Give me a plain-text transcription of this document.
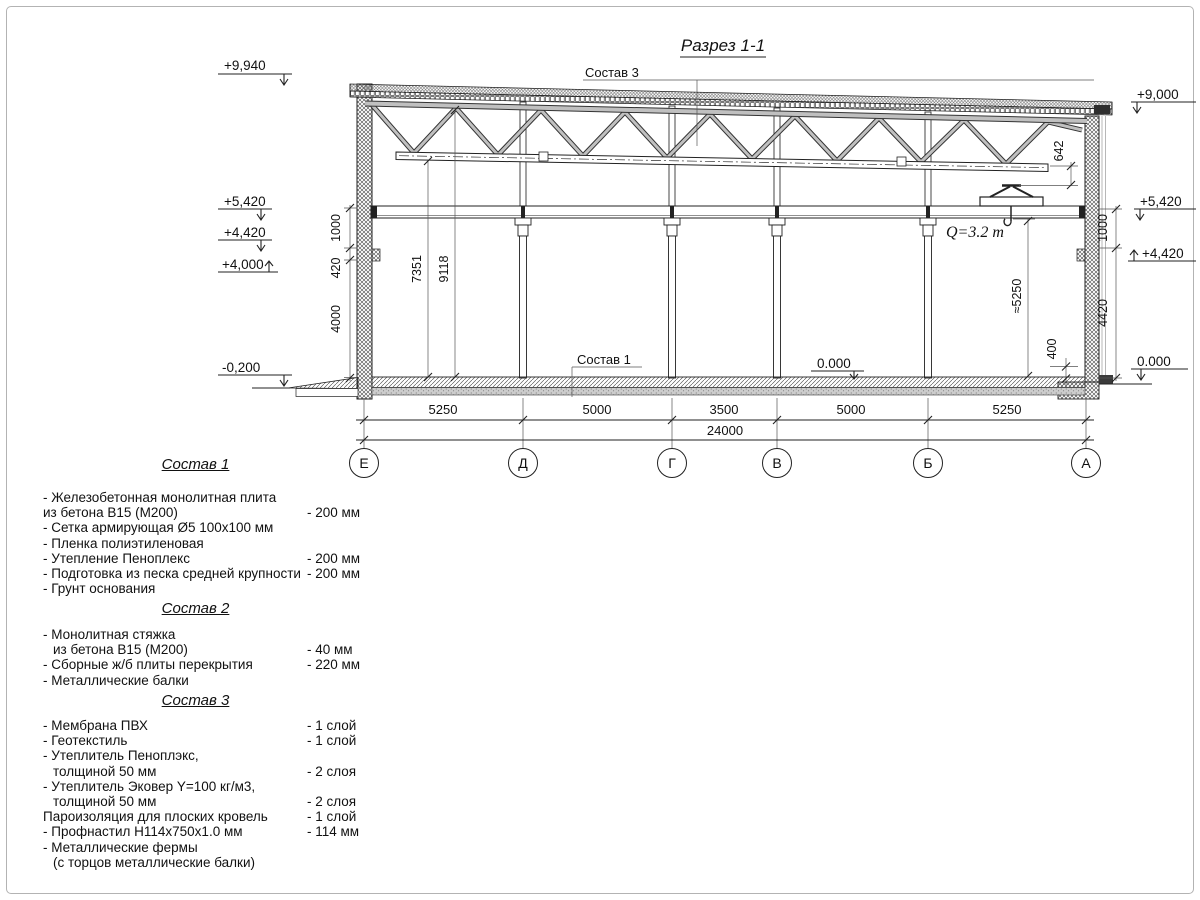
Разрез 1-1
Q=3.2 т
7351 9118
1000
420
4000
1000
4420
400
642
≈5250
+9,940
+5,420
+4,420
+4,000
-0,200
+9,000
+5,420
+4,420
0.000
0.000
5250	5000	3500	5000	5250
24000
Е	Д	Г	В	Б	А
Состав 3
Состав 1
Состав 1
- Железобетонная монолитная плита
из бетона В15 (М200)	- 200 мм
- Сетка армирующая Ø5 100х100 мм
- Пленка полиэтиленовая
- Утепление Пеноплекс	- 200 мм
- Подготовка из песка средней крупности - 200 мм
- Грунт основания
Состав 2
- Монолитная стяжка
из бетона В15 (М200)	- 40 мм
- Сборные ж/б плиты перекрытия	- 220 мм
- Металлические балки
Состав 3
- Мембрана ПВХ	- 1 слой
- Геотекстиль	- 1 слой
- Утеплитель Пеноплэкс,
толщиной 50 мм	- 2 слоя
- Утеплитель Эковер Y=100 кг/м3,
толщиной 50 мм	- 2 слоя
Пароизоляция для плоских кровель	- 1 слой
- Профнастил Н114х750х1.0 мм	- 114 мм
- Металлические фермы
(с торцов металлические балки)
